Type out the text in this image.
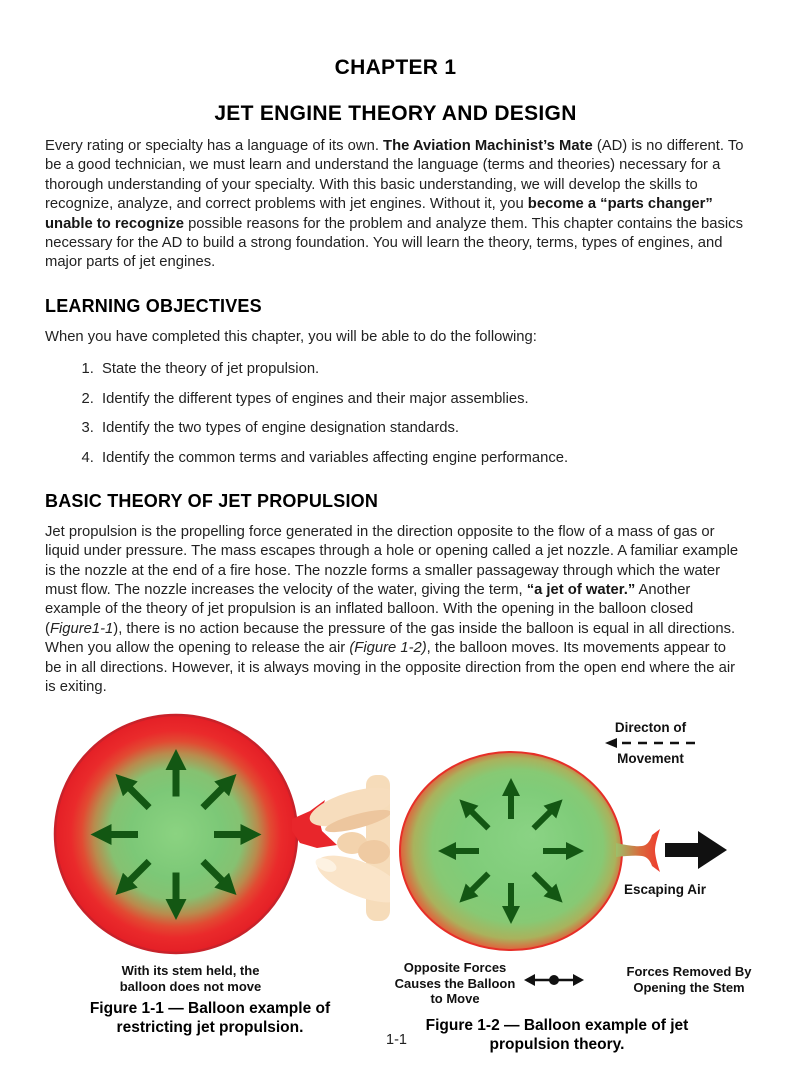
CHAPTER 1
JET ENGINE THEORY AND DESIGN

Every rating or specialty has a language of its own. The Aviation Machinist’s Mate (AD) is no different. To be a good technician, we must learn and understand the language (terms and theories) necessary for a thorough understanding of your specialty. With this basic understanding, we will develop the skills to recognize, analyze, and correct problems with jet engines. Without it, you become a “parts changer” unable to recognize possible reasons for the problem and analyze them. This chapter contains the basics necessary for the AD to build a strong foundation. You will learn the theory, terms, types of engines, and major parts of jet engines.

LEARNING OBJECTIVES

When you have completed this chapter, you will be able to do the following:

1. State the theory of jet propulsion.
2. Identify the different types of engines and their major assemblies.
3. Identify the two types of engine designation standards.
4. Identify the common terms and variables affecting engine performance.
BASIC THEORY OF JET PROPULSION

Jet propulsion is the propelling force generated in the direction opposite to the flow of a mass of gas or liquid under pressure. The mass escapes through a hole or opening called a jet nozzle. A familiar example is the nozzle at the end of a fire hose. The nozzle forms a smaller passageway through which the water must flow. The nozzle increases the velocity of the water, giving the term, “a jet of water.” Another example of the theory of jet propulsion is an inflated balloon. With the opening in the balloon closed (Figure1-1), there is no action because the pressure of the gas inside the balloon is equal in all directions. When you allow the opening to release the air (Figure 1-2), the balloon moves. Its movements appear to be in all directions. However, it is always moving in the opposite direction from the open end where the air is exiting.

With its stem held, the
balloon does not move
Figure 1-1 — Balloon example of
restricting jet propulsion.
Directon of
Movement
Escaping Air
Opposite Forces
Causes the Balloon
to Move
Forces Removed By
Opening the Stem
Figure 1-2 — Balloon example of jet
propulsion theory.
1-1
